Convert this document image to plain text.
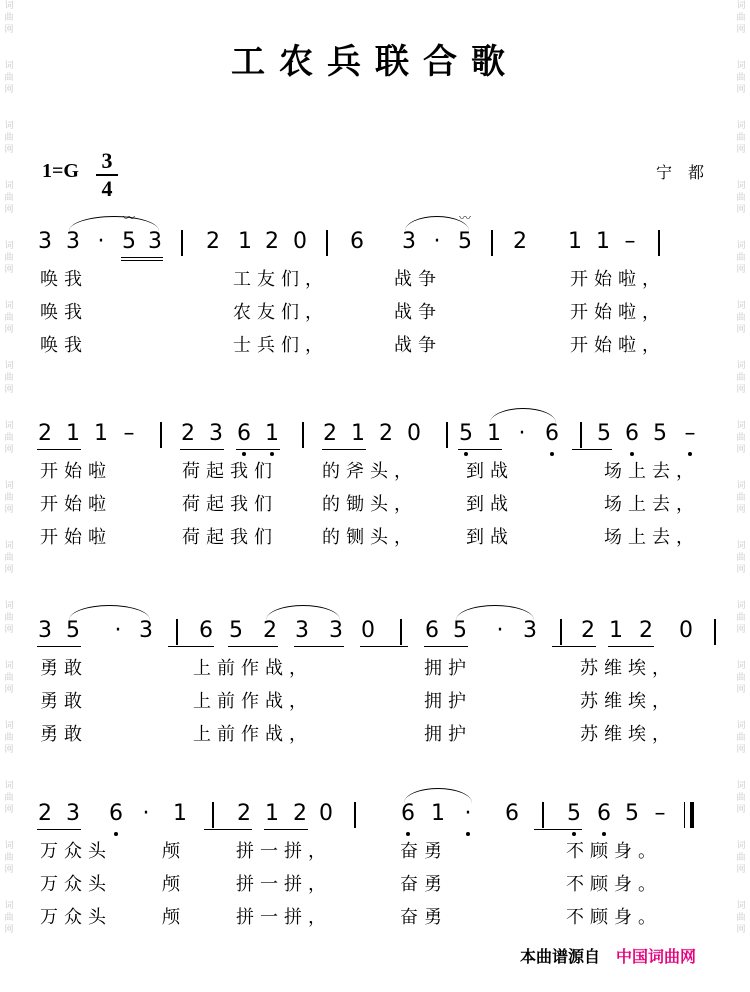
词
曲
网
词
曲
网
词
曲
网
词
曲
网
词
曲
网
词
曲
网
词
曲
网
词
曲
网
词
曲
网
词
曲
网
词
曲
网
词
曲
网
词
曲
网
词
曲
网
词
曲
网
词
曲
网
词
曲
网
词
曲
网
词
曲
网
词
曲
网
词
曲
网
词
曲
网
词
曲
网
词
曲
网
词
曲
网
词
曲
网
词
曲
网
词
曲
网
词
曲
网
词
曲
网
词
曲
网
词
曲
网
工农兵联合歌
1=G 3
4
宁都
3 3 · 5 3 2 1 2 0 6 3 · 5 2 1 1 –
〰	〰
唤我	工友们，	战争	开始啦，
唤我	农友们，	战争	开始啦，
唤我	士兵们，	战争	开始啦，
2 1 1 – 2 3 6 1 2 1 2 0 5 1 · 6 5 6 5 –
开始啦	荷起我们 的斧头，	到战	场上去，
开始啦	荷起我们 的锄头，	到战	场上去，
开始啦	荷起我们 的铡头，	到战	场上去，
3 5 · 3 6 5 2 3 3 0 6 5 · 3 2 1 2 0
勇敢	上前作战，	拥护	苏维埃，
勇敢	上前作战，	拥护	苏维埃，
勇敢	上前作战，	拥护	苏维埃，
2 3 6 · 1 2 1 2 0	6 1 · 6 5 6 5 –
万众头	颅	拼一拼，	奋勇	不顾身。
万众头	颅	拼一拼，	奋勇	不顾身。
万众头	颅	拼一拼，	奋勇	不顾身。
本曲谱源自 中国词曲网
